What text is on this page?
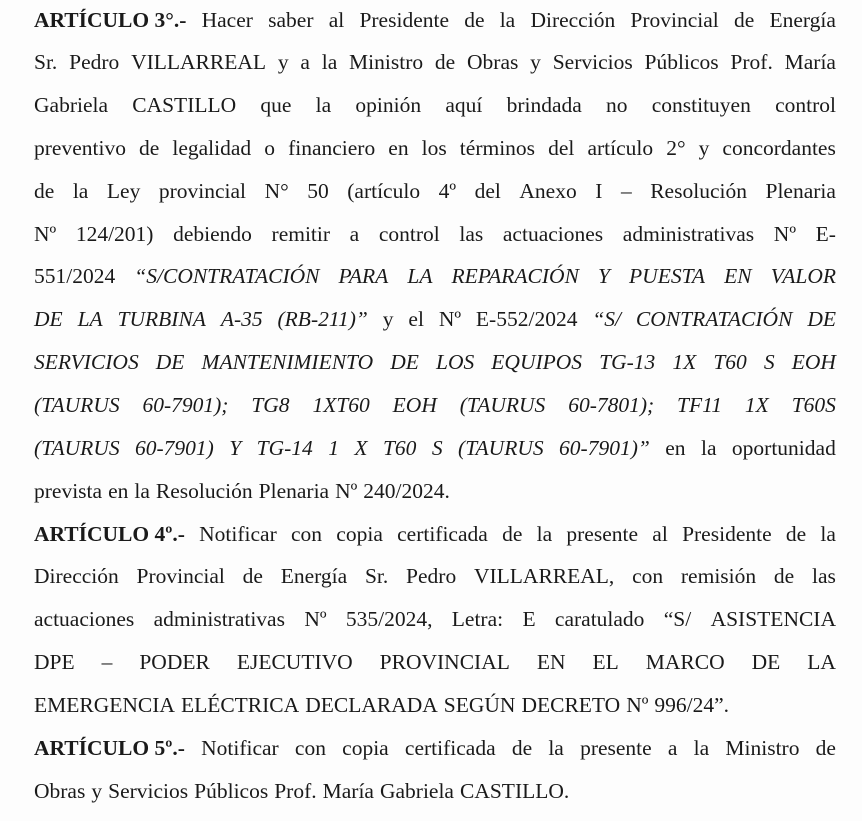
ARTÍCULO 3°.- Hacer saber al Presidente de la Dirección Provincial de Energía
Sr. Pedro VILLARREAL y a la Ministro de Obras y Servicios Públicos Prof. María
Gabriela CASTILLO que la opinión aquí brindada no constituyen control
preventivo de legalidad o financiero en los términos del artículo 2° y concordantes
de la Ley provincial N° 50 (artículo 4º del Anexo I – Resolución Plenaria
Nº 124/201) debiendo remitir a control las actuaciones administrativas Nº E-
551/2024 “S/CONTRATACIÓN PARA LA REPARACIÓN Y PUESTA EN VALOR
DE LA TURBINA A-35 (RB-211)” y el Nº E-552/2024 “S/ CONTRATACIÓN DE
SERVICIOS DE MANTENIMIENTO DE LOS EQUIPOS TG-13 1X T60 S EOH
(TAURUS 60-7901); TG8 1XT60 EOH (TAURUS 60-7801); TF11 1X T60S
(TAURUS 60-7901) Y TG-14 1 X T60 S (TAURUS 60-7901)” en la oportunidad
prevista en la Resolución Plenaria Nº 240/2024.
ARTÍCULO 4º.- Notificar con copia certificada de la presente al Presidente de la
Dirección Provincial de Energía Sr. Pedro VILLARREAL, con remisión de las
actuaciones administrativas Nº 535/2024, Letra: E caratulado “S/ ASISTENCIA
DPE – PODER EJECUTIVO PROVINCIAL EN EL MARCO DE LA
EMERGENCIA ELÉCTRICA DECLARADA SEGÚN DECRETO Nº 996/24”.
ARTÍCULO 5º.- Notificar con copia certificada de la presente a la Ministro de
Obras y Servicios Públicos Prof. María Gabriela CASTILLO.
